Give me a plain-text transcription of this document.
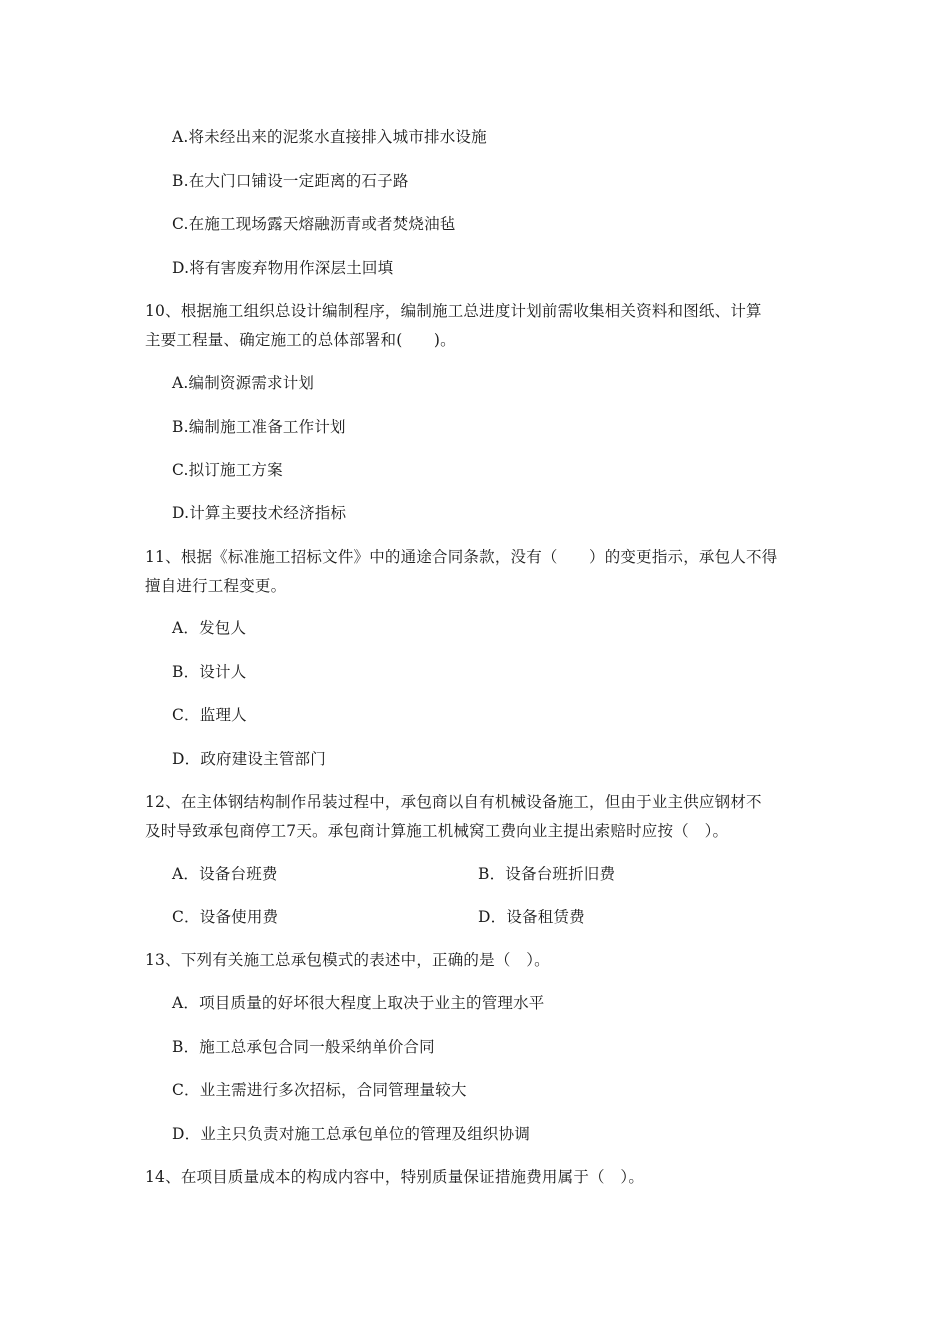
A.将未经出来的泥浆水直接排入城市排水设施
B.在大门口铺设一定距离的石子路
C.在施工现场露天熔融沥青或者焚烧油毡
D.将有害废弃物用作深层土回填
10、根据施工组织总设计编制程序，编制施工总进度计划前需收集相关资料和图纸、计算
主要工程量、确定施工的总体部署和(　　)。
A.编制资源需求计划
B.编制施工准备工作计划
C.拟订施工方案
D.计算主要技术经济指标
11、根据《标准施工招标文件》中的通途合同条款，没有（　　）的变更指示，承包人不得
擅自进行工程变更。
A．发包人
B．设计人
C．监理人
D．政府建设主管部门
12、在主体钢结构制作吊装过程中，承包商以自有机械设备施工，但由于业主供应钢材不
及时导致承包商停工7天。承包商计算施工机械窝工费向业主提出索赔时应按（　）。
A．设备台班费	B．设备台班折旧费
C．设备使用费	D．设备租赁费
13、下列有关施工总承包模式的表述中，正确的是（　）。
A．项目质量的好坏很大程度上取决于业主的管理水平
B．施工总承包合同一般采纳单价合同
C．业主需进行多次招标，合同管理量较大
D．业主只负责对施工总承包单位的管理及组织协调
14、在项目质量成本的构成内容中，特别质量保证措施费用属于（　）。
